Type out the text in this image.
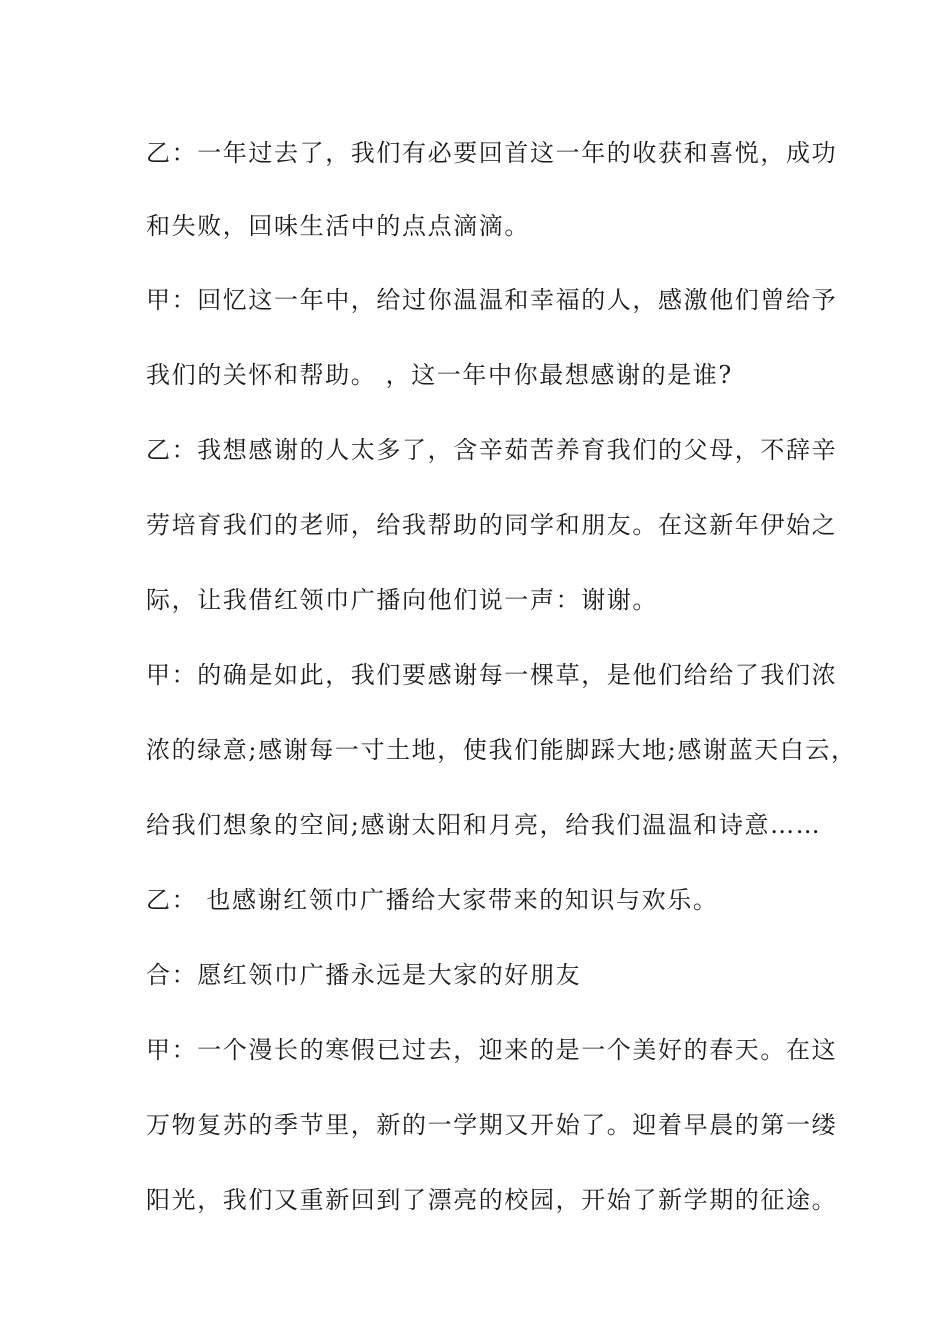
乙：一年过去了，我们有必要回首这一年的收获和喜悦，成功
和失败，回味生活中的点点滴滴。
甲：回忆这一年中，给过你温温和幸福的人，感激他们曾给予
我们的关怀和帮助。 ，这一年中你最想感谢的是谁?
乙：我想感谢的人太多了，含辛茹苦养育我们的父母，不辞辛
劳培育我们的老师，给我帮助的同学和朋友。在这新年伊始之
际，让我借红领巾广播向他们说一声：谢谢。
甲：的确是如此，我们要感谢每一棵草，是他们给给了我们浓
浓的绿意;感谢每一寸土地，使我们能脚踩大地;感谢蓝天白云，
给我们想象的空间;感谢太阳和月亮，给我们温温和诗意……
乙： 也感谢红领巾广播给大家带来的知识与欢乐。
合：愿红领巾广播永远是大家的好朋友
甲：一个漫长的寒假已过去，迎来的是一个美好的春天。在这
万物复苏的季节里，新的一学期又开始了。迎着早晨的第一缕
阳光，我们又重新回到了漂亮的校园，开始了新学期的征途。
